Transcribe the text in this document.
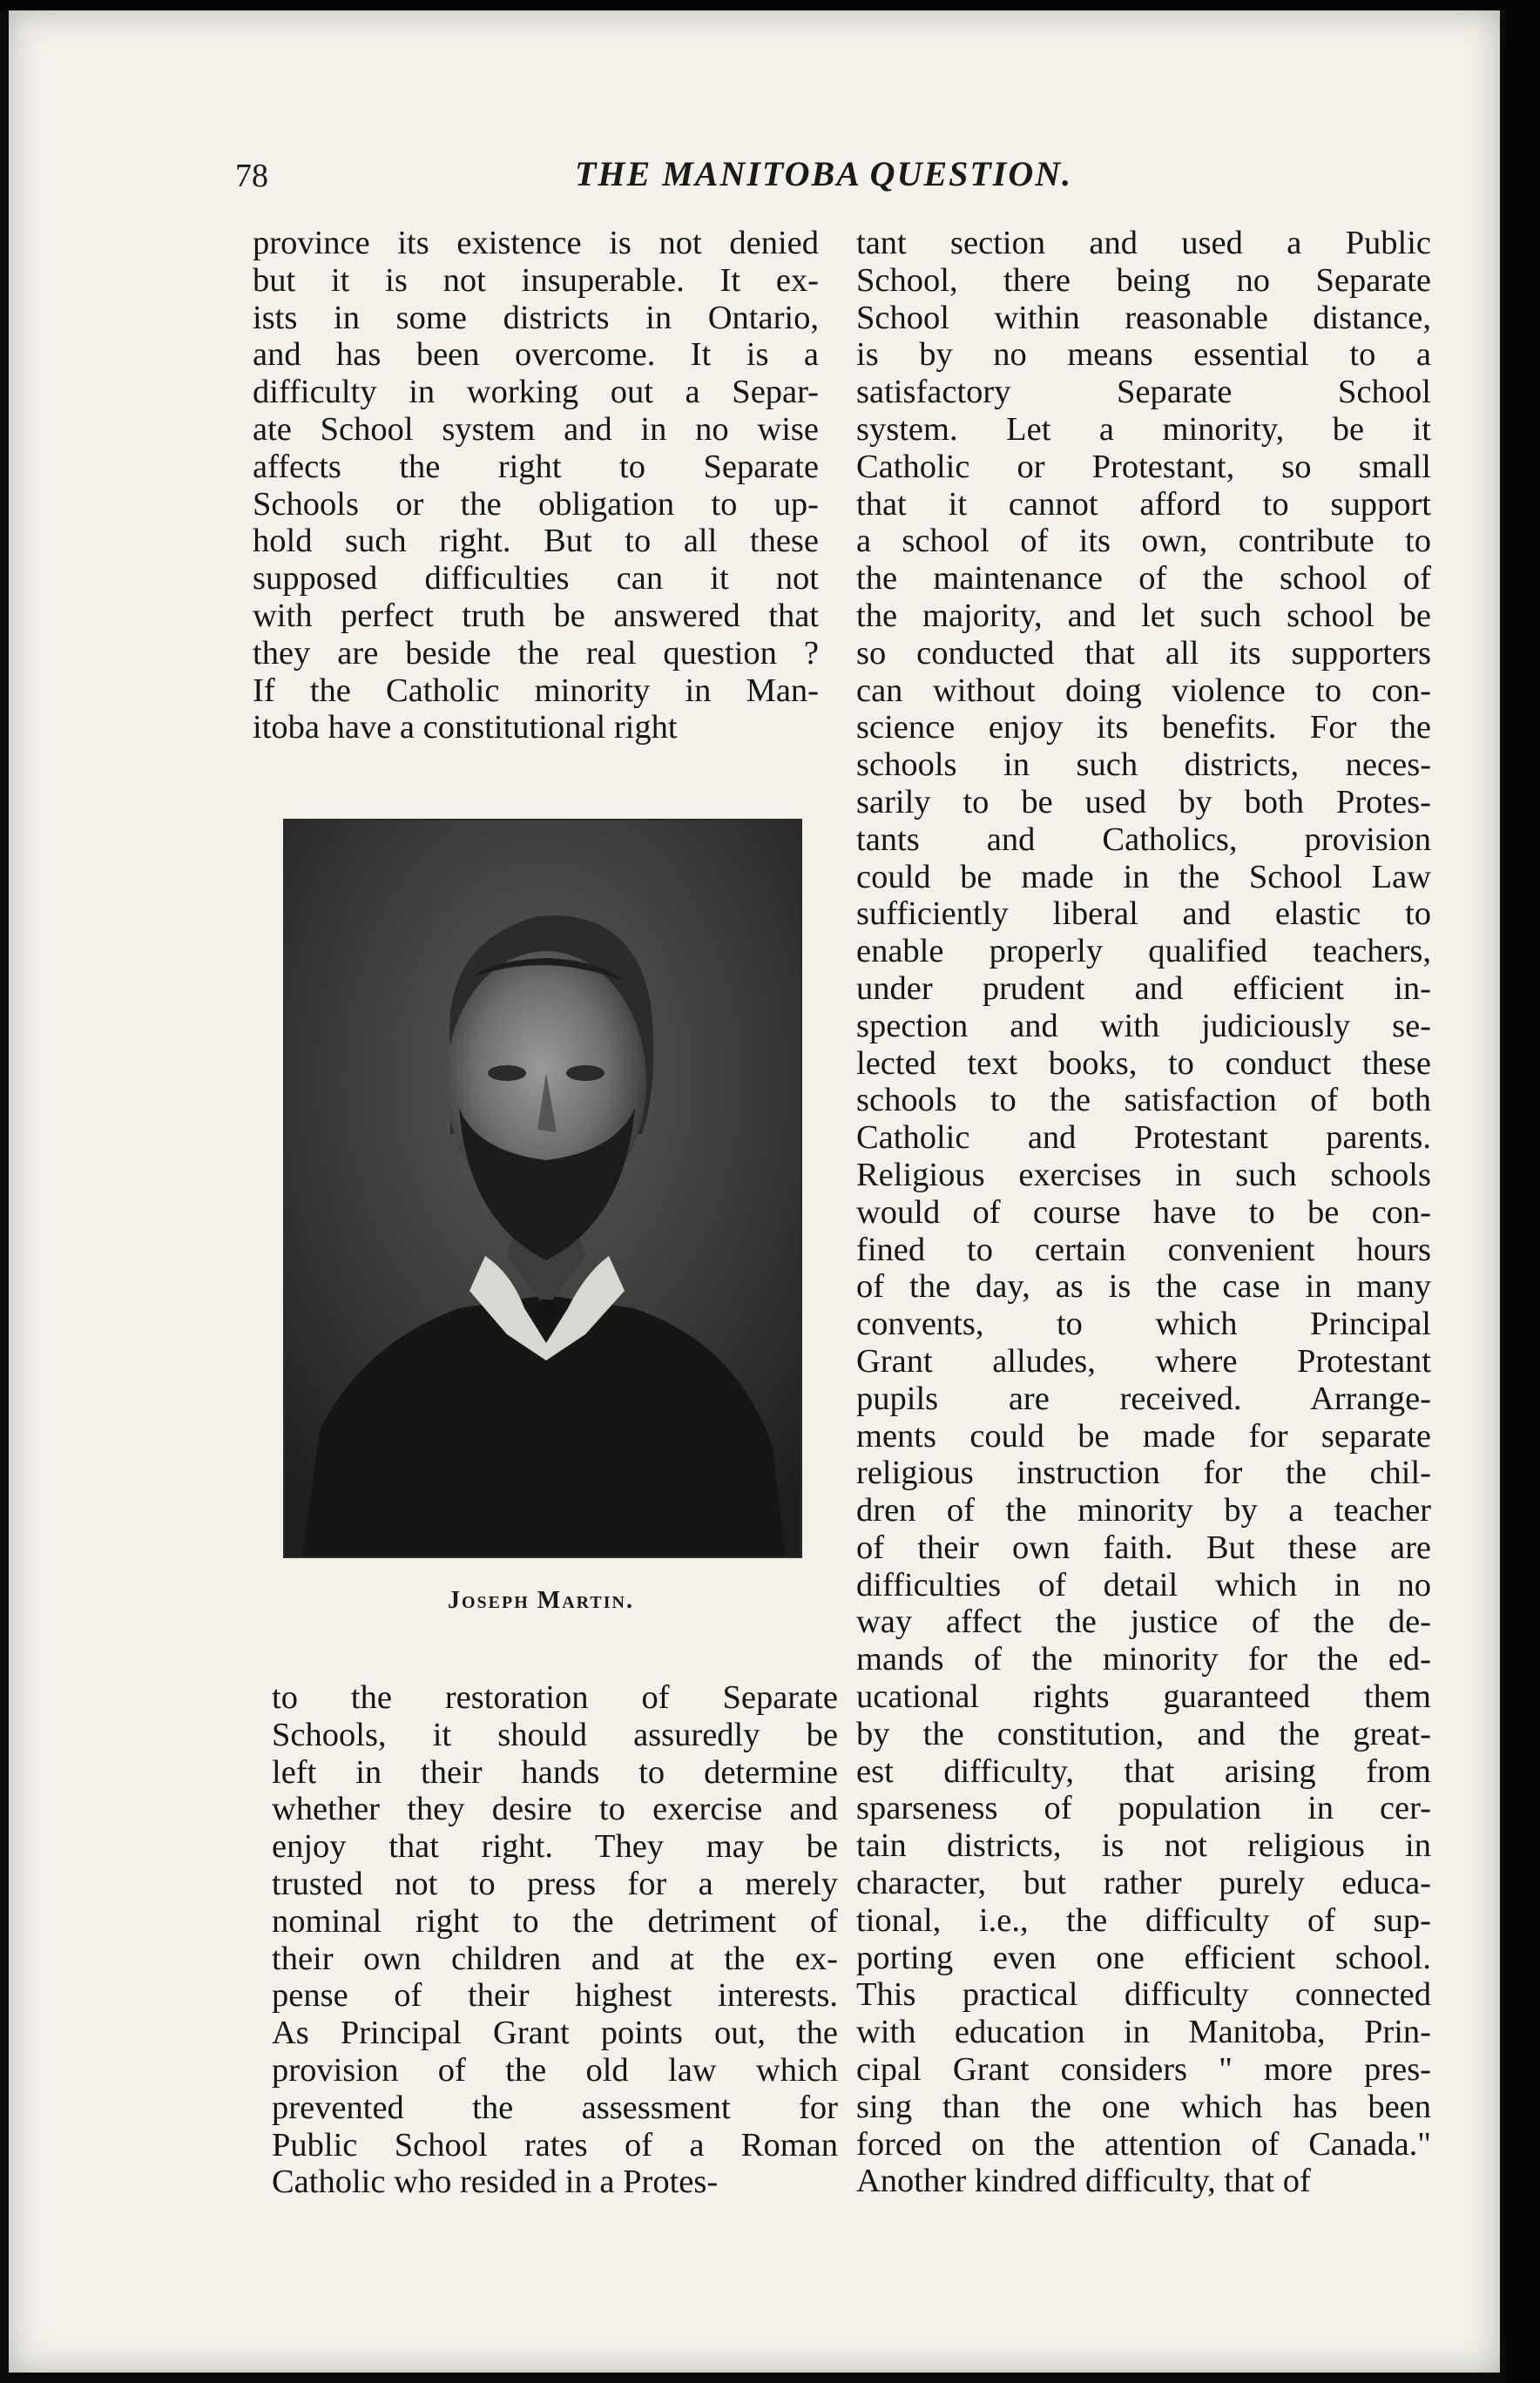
78	THE MANITOBA QUESTION.

province its existence is not denied
but it is not insuperable. It ex-
ists in some districts in Ontario,
and has been overcome. It is a
difficulty in working out a Separ-
ate School system and in no wise
affects the right to Separate
Schools or the obligation to up-
hold such right. But to all these
supposed difficulties can it not
with perfect truth be answered that
they are beside the real question ?
If the Catholic minority in Man-
itoba have a constitutional right

Joseph Martin.

to the restoration of Separate
Schools, it should assuredly be
left in their hands to determine
whether they desire to exercise and
enjoy that right. They may be
trusted not to press for a merely
nominal right to the detriment of
their own children and at the ex-
pense of their highest interests.
As Principal Grant points out, the
provision of the old law which
prevented the assessment for
Public School rates of a Roman
Catholic who resided in a Protes-
tant section and used a Public
School, there being no Separate
School within reasonable distance,
is by no means essential to a
satisfactory Separate School
system. Let a minority, be it
Catholic or Protestant, so small
that it cannot afford to support
a school of its own, contribute to
the maintenance of the school of
the majority, and let such school be
so conducted that all its supporters
can without doing violence to con-
science enjoy its benefits. For the
schools in such districts, neces-
sarily to be used by both Protes-
tants and Catholics, provision
could be made in the School Law
sufficiently liberal and elastic to
enable properly qualified teachers,
under prudent and efficient in-
spection and with judiciously se-
lected text books, to conduct these
schools to the satisfaction of both
Catholic and Protestant parents.
Religious exercises in such schools
would of course have to be con-
fined to certain convenient hours
of the day, as is the case in many
convents, to which Principal
Grant alludes, where Protestant
pupils are received. Arrange-
ments could be made for separate
religious instruction for the chil-
dren of the minority by a teacher
of their own faith. But these are
difficulties of detail which in no
way affect the justice of the de-
mands of the minority for the ed-
ucational rights guaranteed them
by the constitution, and the great-
est difficulty, that arising from
sparseness of population in cer-
tain districts, is not religious in
character, but rather purely educa-
tional, i.e., the difficulty of sup-
porting even one efficient school.
This practical difficulty connected
with education in Manitoba, Prin-
cipal Grant considers " more pres-
sing than the one which has been
forced on the attention of Canada."
Another kindred difficulty, that of
